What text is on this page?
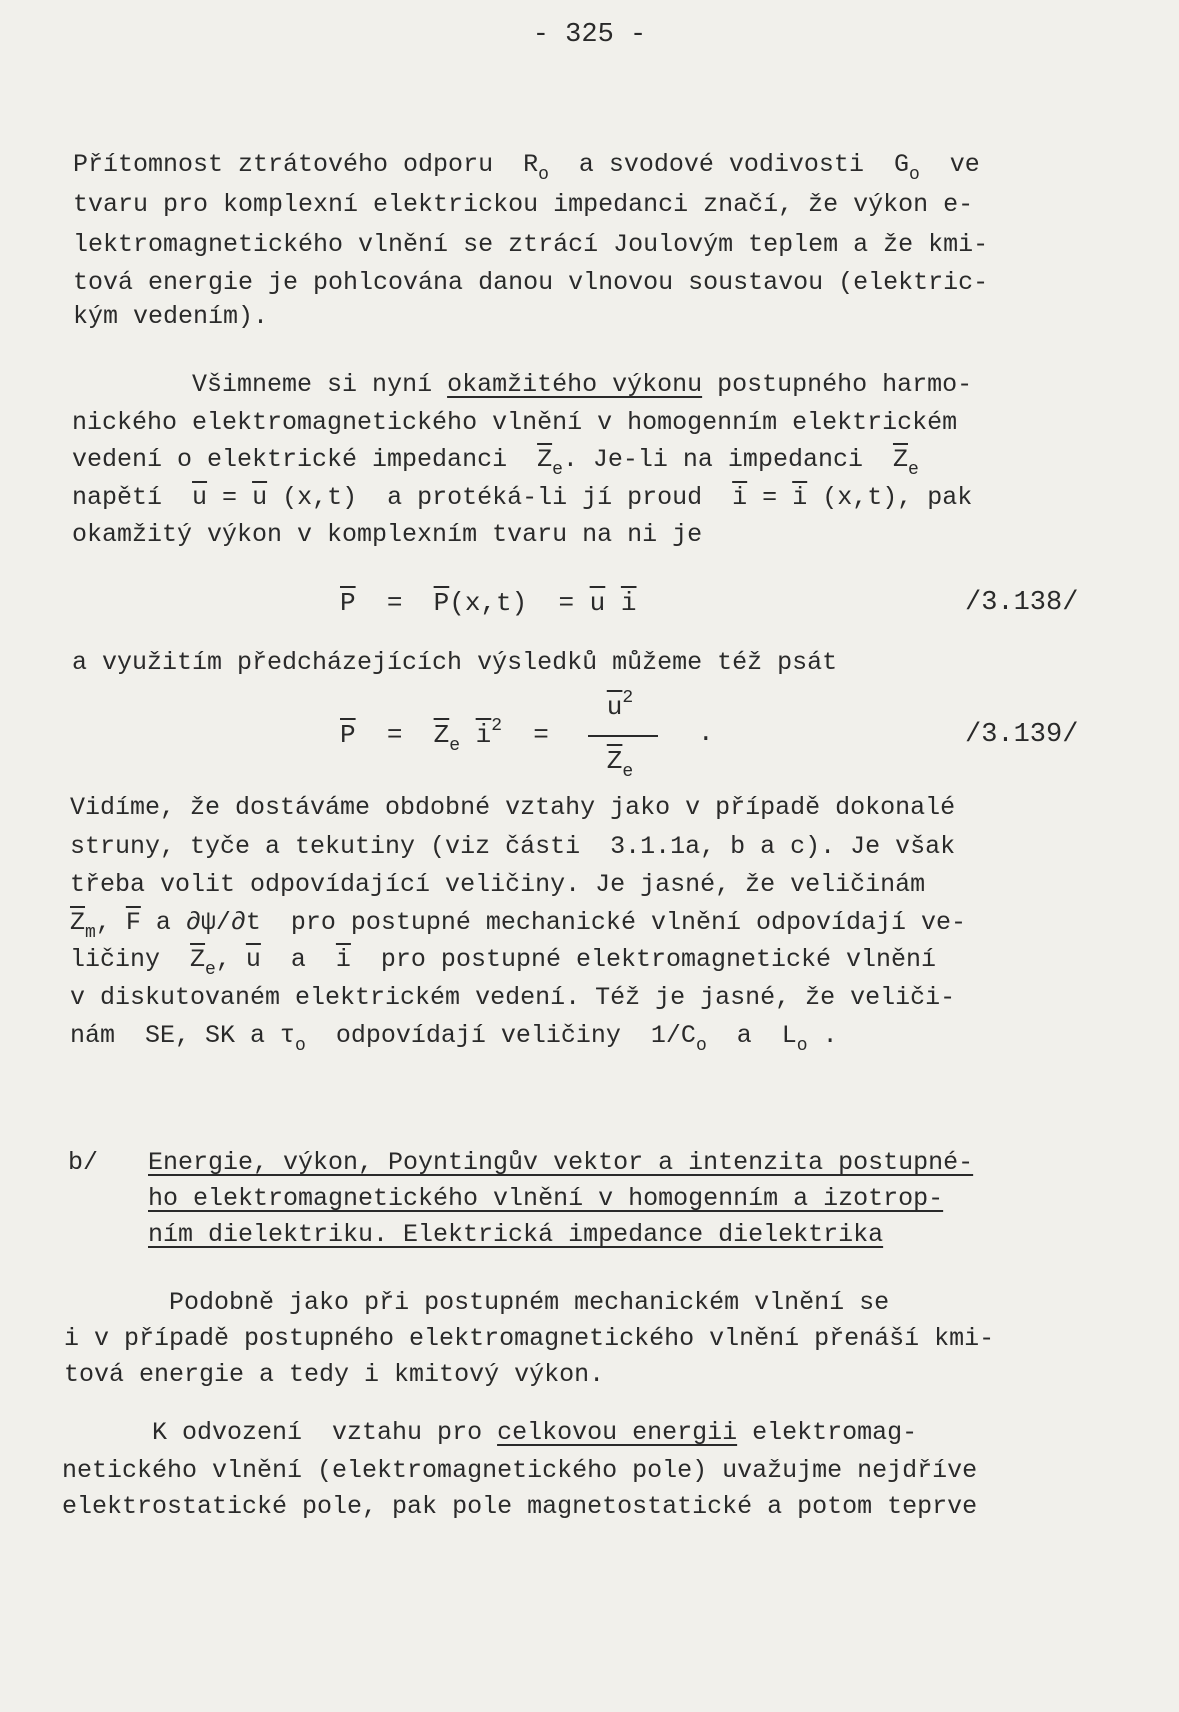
- 325 -
Přítomnost ztrátového odporu  $R_o$  a svodové vodivosti  $G_o$  ve
tvaru pro komplexní elektrickou impedanci značí, že výkon e-
lektromagnetického vlnění se ztrácí Joulovým teplem a že kmi-
tová energie je pohlcována danou vlnovou soustavou (elektric-
kým vedením).
Všimneme si nyní okamžitého výkonu postupného harmo-
nického elektromagnetického vlnění v homogenním elektrickém
vedení o elektrické impedanci  $\overline{Z}_e$. Je-li na impedanci  $\overline{Z}_e$
napětí  $\overline{u} = \overline{u}$ (x,t)  a protéká-li jí proud  $\overline{i} = \overline{i}$ (x,t), pak
okamžitý výkon v komplexním tvaru na ni je
$\overline{P} = \overline{P}(x,t) = \overline{u}$ $\overline{i}$	/3.138/
a využitím předcházejících výsledků můžeme též psát
$\overline{P} = \overline{Z}_e$ $\overline{i}^2$  =
$\overline{u}^2$
$\overline{Z}_e$
.	/3.139/
Vidíme, že dostáváme obdobné vztahy jako v případě dokonalé
struny, tyče a tekutiny (viz části  3.1.1a, b a c). Je však
třeba volit odpovídající veličiny. Je jasné, že veličinám
$\overline{Z}_m$, $\overline{F}$ a ∂ψ/∂t  pro postupné mechanické vlnění odpovídají ve-
ličiny  $\overline{Z}_e$, $\overline{u}$  a  $\overline{i}$  pro postupné elektromagnetické vlnění
v diskutovaném elektrickém vedení. Též je jasné, že veliči-
nám  SE, SK a $\tau_o$  odpovídají veličiny  $1/C_o$  a  $L_o$ .
b/ Energie, výkon, Poyntingův vektor a intenzita postupné-
ho elektromagnetického vlnění v homogenním a izotrop-
ním dielektriku. Elektrická impedance dielektrika
Podobně jako při postupném mechanickém vlnění se
i v případě postupného elektromagnetického vlnění přenáší kmi-
tová energie a tedy i kmitový výkon.
K odvození  vztahu pro celkovou energii elektromag-
netického vlnění (elektromagnetického pole) uvažujme nejdříve
elektrostatické pole, pak pole magnetostatické a potom teprve
